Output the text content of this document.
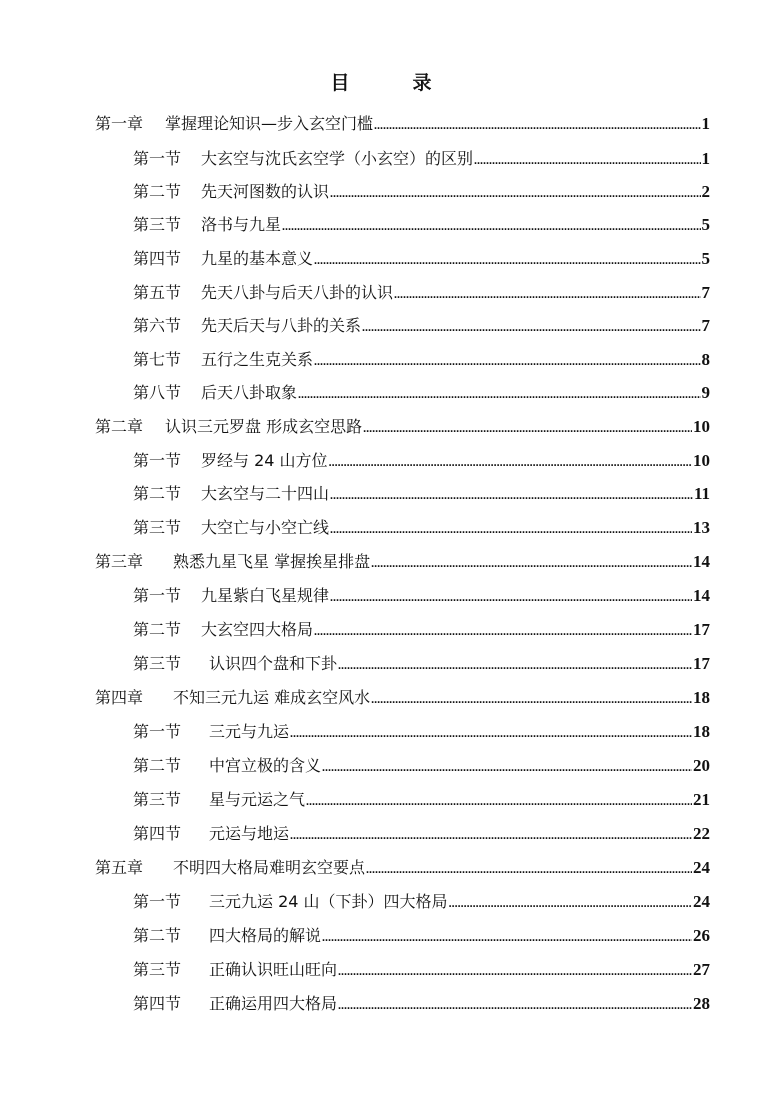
目　录
第一章 掌握理论知识—步入玄空门槛 .....	1
第一节 大玄空与沈氏玄空学（小玄空）的区别 .....	1
第二节 先天河图数的认识 .....	2
第三节 洛书与九星 .....	5
第四节 九星的基本意义 .....	5
第五节 先天八卦与后天八卦的认识 .....	7
第六节 先天后天与八卦的关系 .....	7
第七节 五行之生克关系 .....	8
第八节 后天八卦取象 .....	9
第二章 认识三元罗盘 形成玄空思路 .....	10
第一节 罗经与 24 山方位 .....	10
第二节 大玄空与二十四山 .....	11
第三节 大空亡与小空亡线 .....	13
第三章 熟悉九星飞星 掌握挨星排盘 .....	14
第一节 九星紫白飞星规律 .....	14
第二节 大玄空四大格局 .....	17
第三节 认识四个盘和下卦 .....	17
第四章 不知三元九运 难成玄空风水 .....	18
第一节 三元与九运 .....	18
第二节 中宫立极的含义 .....	20
第三节 星与元运之气 .....	21
第四节 元运与地运 .....	22
第五章 不明四大格局难明玄空要点 .....	24
第一节 三元九运 24 山（下卦）四大格局 .....	24
第二节 四大格局的解说 .....	26
第三节 正确认识旺山旺向 .....	27
第四节 正确运用四大格局 .....	28
